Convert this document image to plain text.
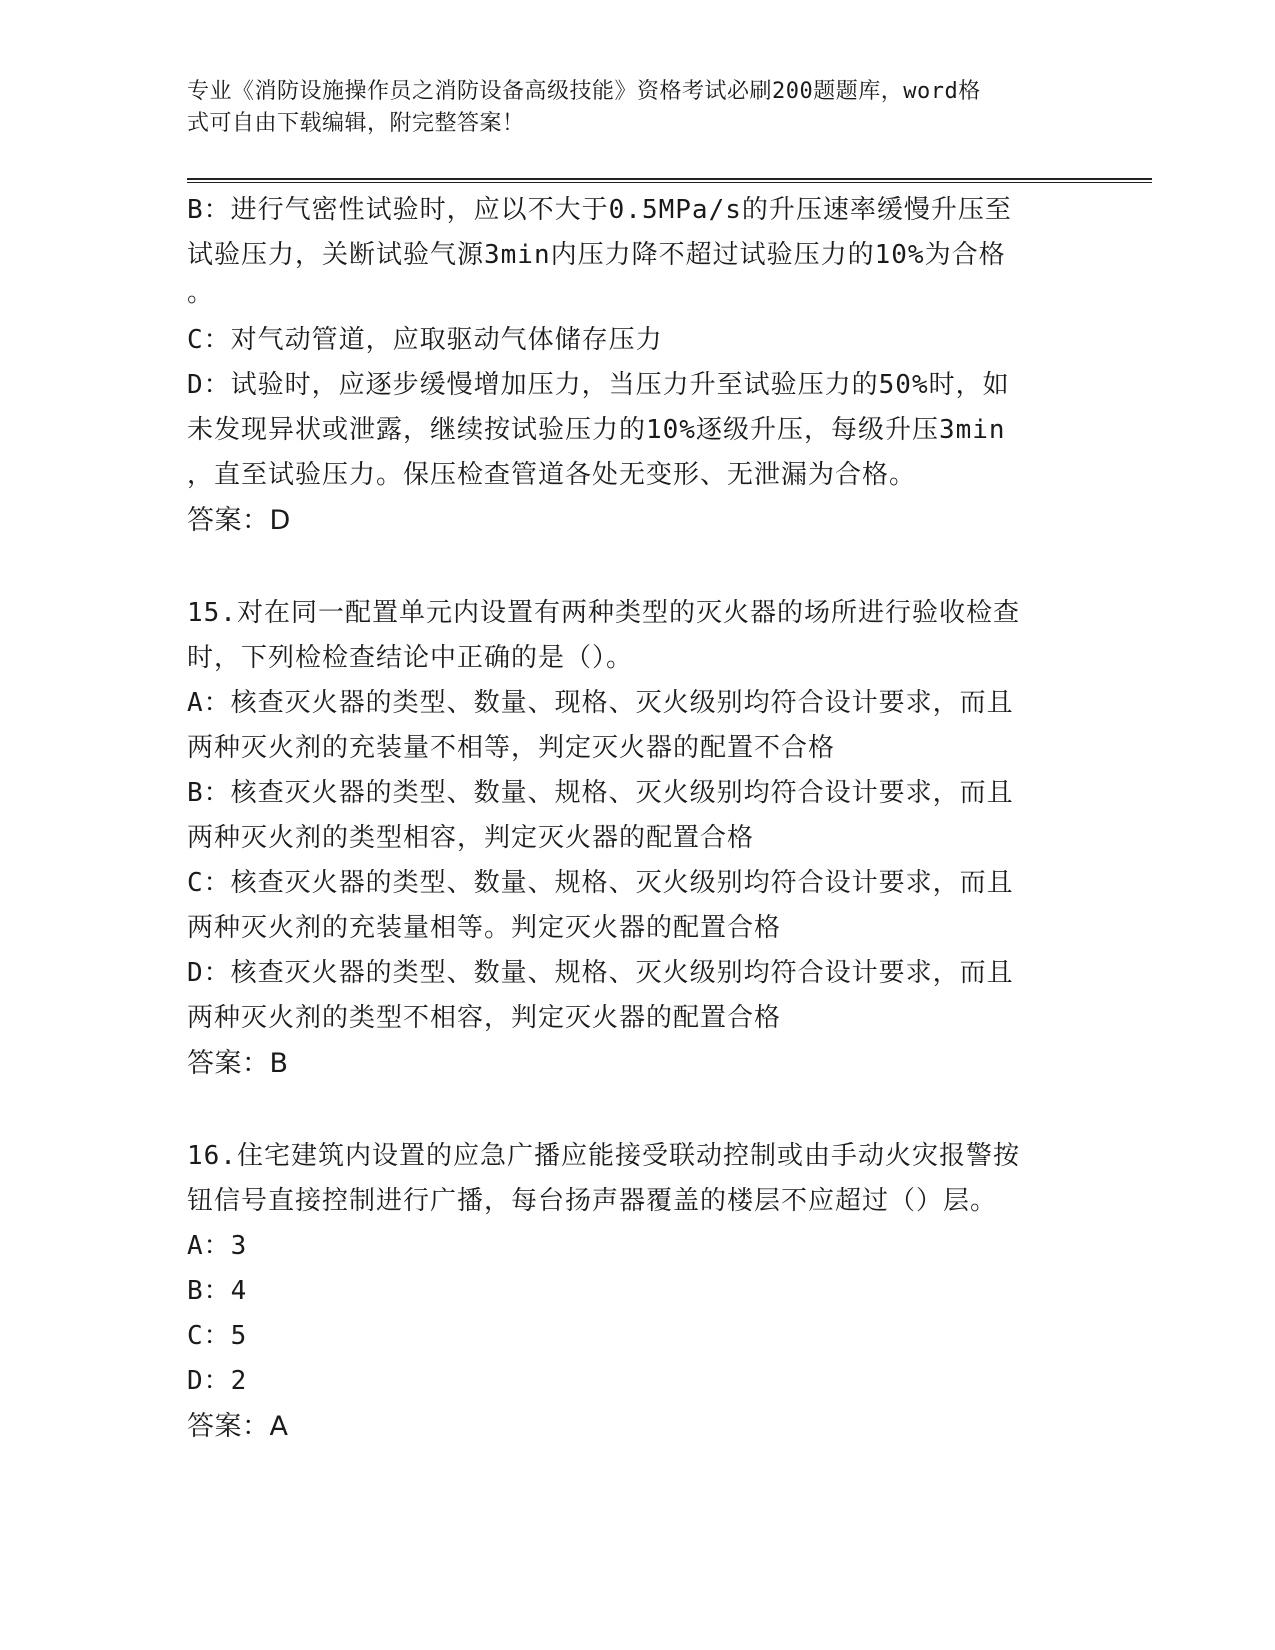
专业《消防设施操作员之消防设备高级技能》资格考试必刷200题题库，word格
式可自由下载编辑，附完整答案！
B：进行气密性试验时，应以不大于0.5MPa/s的升压速率缓慢升压至
试验压力，关断试验气源3min内压力降不超过试验压力的10%为合格
。
C：对气动管道，应取驱动气体储存压力
D：试验时，应逐步缓慢增加压力，当压力升至试验压力的50%时，如
未发现异状或泄露，继续按试验压力的10%逐级升压，每级升压3min
，直至试验压力。保压检查管道各处无变形、无泄漏为合格。
答案：D
15.对在同一配置单元内设置有两种类型的灭火器的场所进行验收检查
时，下列检检查结论中正确的是（）。
A：核查灭火器的类型、数量、现格、灭火级别均符合设计要求，而且
两种灭火剂的充装量不相等，判定灭火器的配置不合格
B：核查灭火器的类型、数量、规格、灭火级别均符合设计要求，而且
两种灭火剂的类型相容，判定灭火器的配置合格
C：核查灭火器的类型、数量、规格、灭火级别均符合设计要求，而且
两种灭火剂的充装量相等。判定灭火器的配置合格
D：核查灭火器的类型、数量、规格、灭火级别均符合设计要求，而且
两种灭火剂的类型不相容，判定灭火器的配置合格
答案：B
16.住宅建筑内设置的应急广播应能接受联动控制或由手动火灾报警按
钮信号直接控制进行广播，每台扬声器覆盖的楼层不应超过（）层。
A：3
B：4
C：5
D：2
答案：A
